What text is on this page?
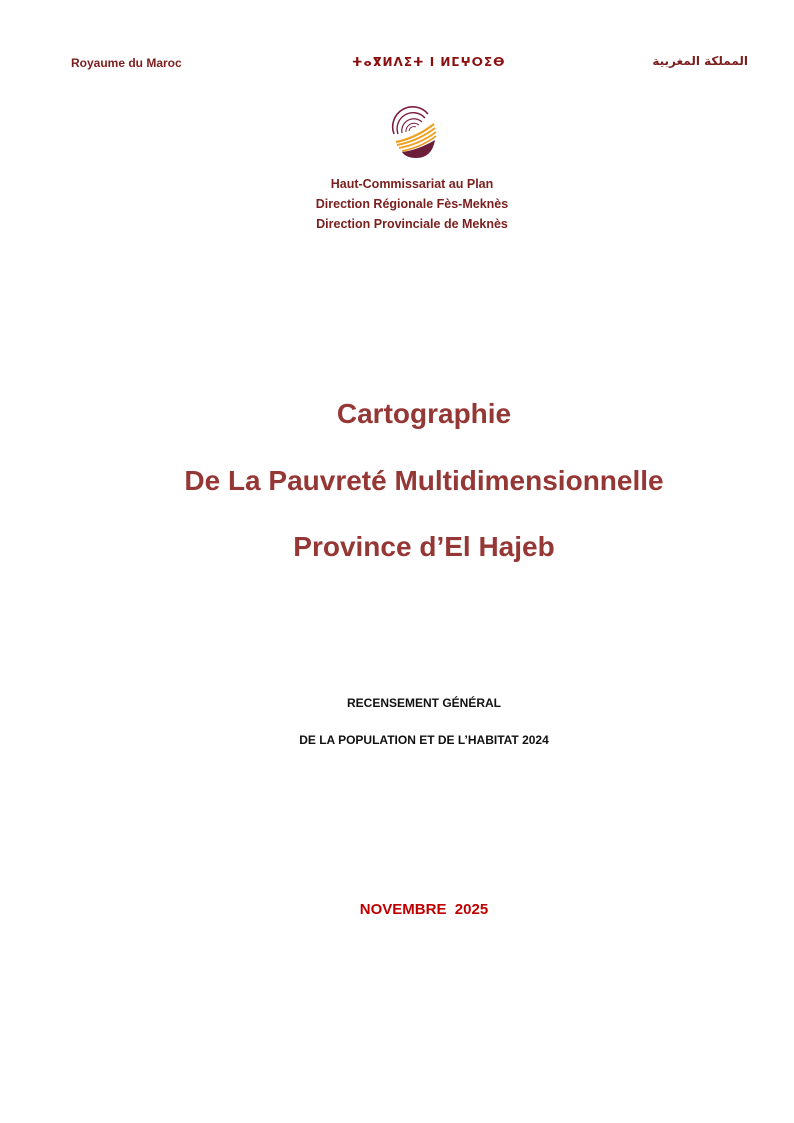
Royaume du Maroc	ⵜⴰⴳⵍⴷⵉⵜ ⵏ ⵍⵎⵖⵔⵉⴱ	المملكة المغربية
Haut-Commissariat au Plan
Direction Régionale Fès-Meknès
Direction Provinciale de Meknès
Cartographie
De La Pauvreté Multidimensionnelle
Province d’El Hajeb
RECENSEMENT GÉNÉRAL
DE LA POPULATION ET DE L’HABITAT 2024
NOVEMBRE  2025
